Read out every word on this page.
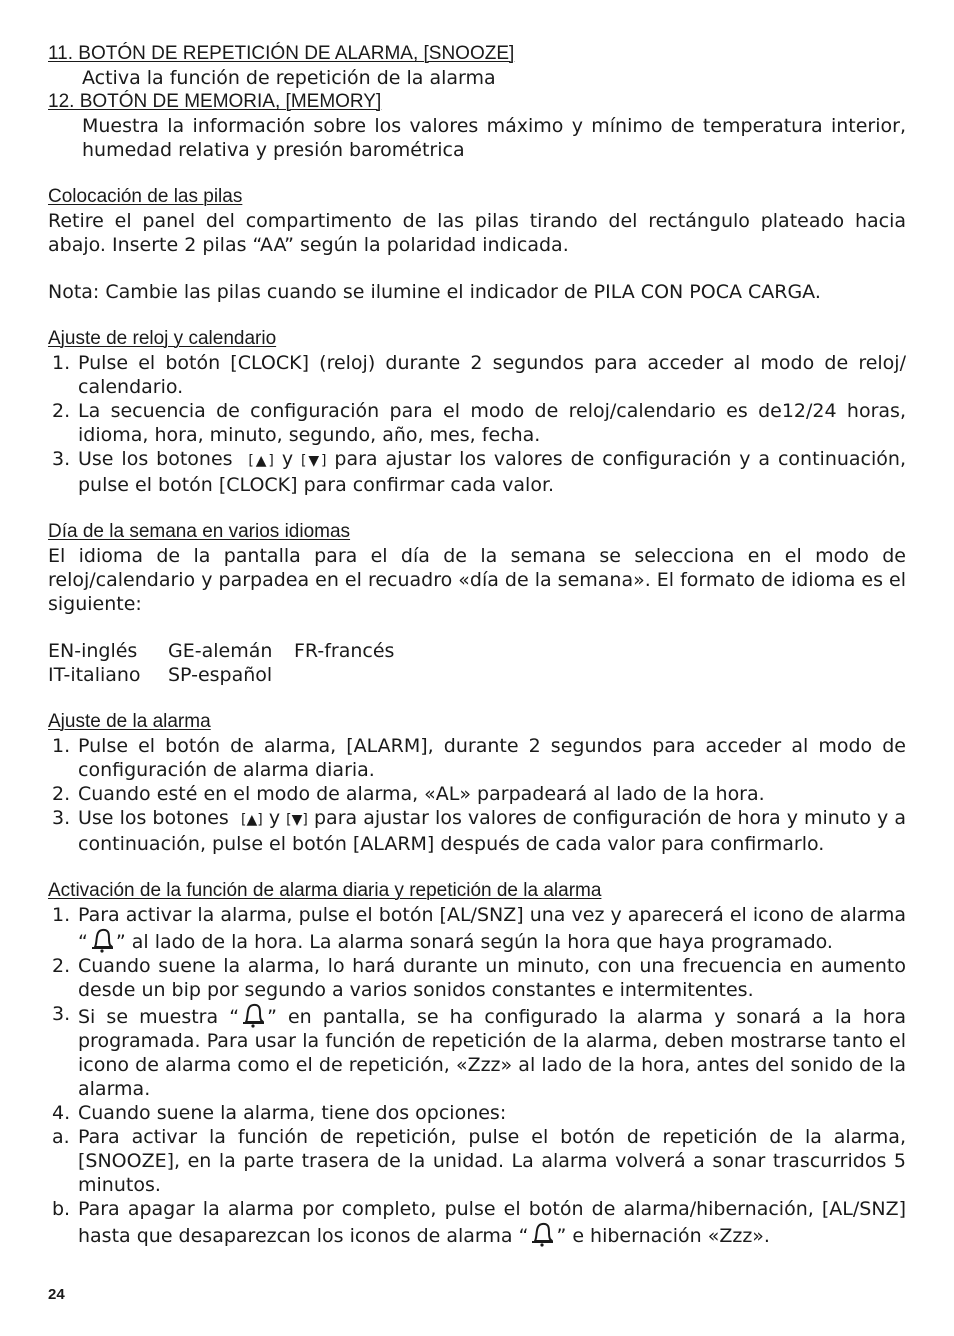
11. BOTÓN DE REPETICIÓN DE ALARMA, [SNOOZE]
Activa la función de repetición de la alarma
12. BOTÓN DE MEMORIA, [MEMORY]
Muestra la información sobre los valores máximo y mínimo de temperatura interior, humedad relativa y presión barométrica
Colocación de las pilas
Retire el panel del compartimento de las pilas tirando del rectángulo plateado hacia abajo. Inserte 2 pilas “AA” según la polaridad indicada.
Nota: Cambie las pilas cuando se ilumine el indicador de PILA CON POCA CARGA.
Ajuste de reloj y calendario
1. Pulse el botón [CLOCK] (reloj) durante 2 segundos para acceder al modo de reloj/ calendario.
2. La secuencia de configuración para el modo de reloj/calendario es de12/24 horas, idioma, hora, minuto, segundo, año, mes, fecha.
3. Use los botones [▲] y [▼] para ajustar los valores de configuración y a continuación, pulse el botón [CLOCK] para confirmar cada valor.
Día de la semana en varios idiomas
El idioma de la pantalla para el día de la semana se selecciona en el modo de reloj/calendario y parpadea en el recuadro «día de la semana». El formato de idioma es el siguiente:
EN-inglés	GE-alemán	FR-francés
IT-italiano	SP-español
Ajuste de la alarma
1. Pulse el botón de alarma, [ALARM], durante 2 segundos para acceder al modo de configuración de alarma diaria.
2. Cuando esté en el modo de alarma, «AL» parpadeará al lado de la hora.
3. Use los botones [▲] y [▼] para ajustar los valores de configuración de hora y minuto y a continuación, pulse el botón [ALARM] después de cada valor para confirmarlo.
Activación de la función de alarma diaria y repetición de la alarma
1. Para activar la alarma, pulse el botón [AL/SNZ] una vez y aparecerá el icono de alarma “ ” al lado de la hora. La alarma sonará según la hora que haya programado.
2. Cuando suene la alarma, lo hará durante un minuto, con una frecuencia en aumento desde un bip por segundo a varios sonidos constantes e intermitentes.
3. Si se muestra “ ” en pantalla, se ha configurado la alarma y sonará a la hora programada. Para usar la función de repetición de la alarma, deben mostrarse tanto el icono de alarma como el de repetición, «Zzz» al lado de la hora, antes del sonido de la alarma.
4. Cuando suene la alarma, tiene dos opciones:
a. Para activar la función de repetición, pulse el botón de repetición de la alarma, [SNOOZE], en la parte trasera de la unidad. La alarma volverá a sonar trascurridos 5 minutos.
b. Para apagar la alarma por completo, pulse el botón de alarma/hibernación, [AL/SNZ] hasta que desaparezcan los iconos de alarma “ ” e hibernación «Zzz».
24
